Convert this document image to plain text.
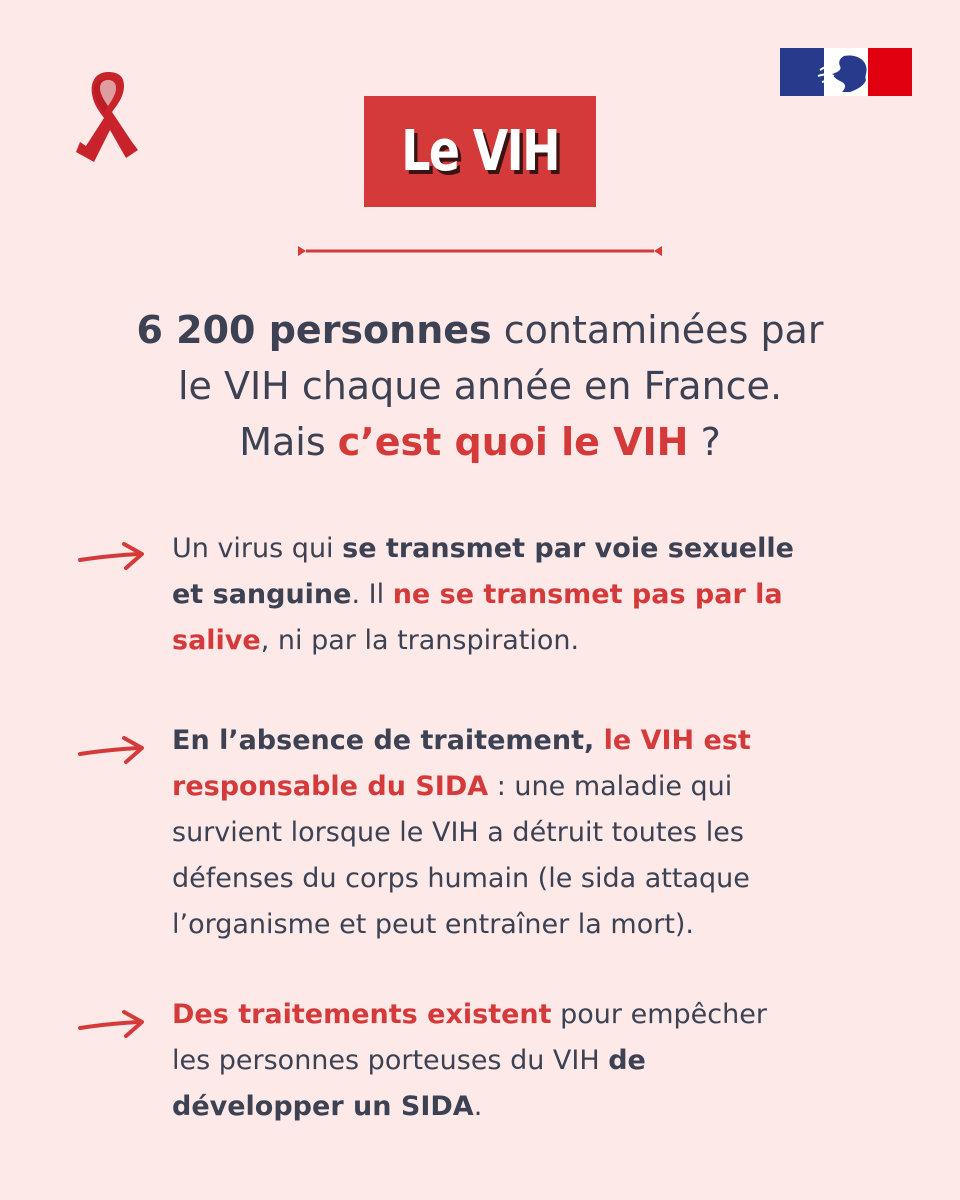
Le VIH
6 200 personnes contaminées par
le VIH chaque année en France.
Mais c’est quoi le VIH ?
Un virus qui se transmet par voie sexuelle
et sanguine. Il ne se transmet pas par la
salive, ni par la transpiration.
En l’absence de traitement, le VIH est
responsable du SIDA : une maladie qui
survient lorsque le VIH a détruit toutes les
défenses du corps humain (le sida attaque
l’organisme et peut entraîner la mort).
Des traitements existent pour empêcher
les personnes porteuses du VIH de
développer un SIDA.
